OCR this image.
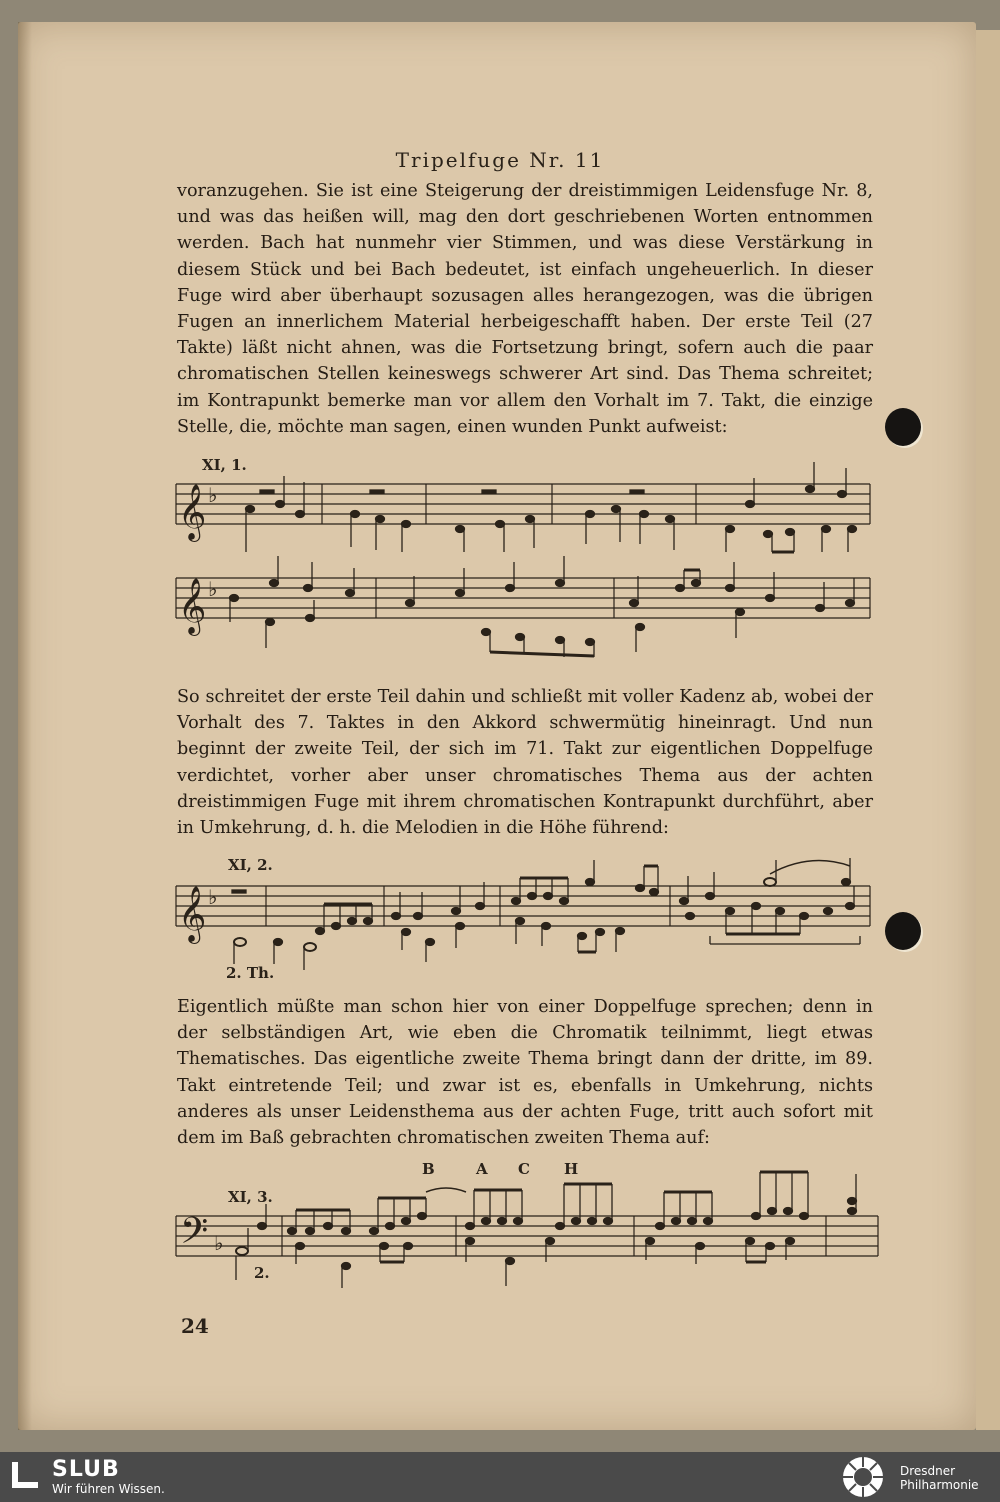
Tripelfuge Nr. 11

voranzugehen. Sie ist eine Steigerung der dreistimmigen Leidensfuge Nr. 8, und was das heißen will, mag den dort geschriebenen Worten entnommen werden. Bach hat nunmehr vier Stimmen, und was diese Verstärkung in diesem Stück und bei Bach bedeutet, ist einfach ungeheuerlich. In dieser Fuge wird aber überhaupt sozusagen alles herangezogen, was die übrigen Fugen an innerlichem Material herbeigeschafft haben. Der erste Teil (27 Takte) läßt nicht ahnen, was die Fortsetzung bringt, sofern auch die paar chromatischen Stellen keineswegs schwerer Art sind. Das Thema schreitet; im Kontrapunkt bemerke man vor allem den Vorhalt im 7. Takt, die einzige Stelle, die, möchte man sagen, einen wunden Punkt aufweist:

XI, 1.
𝄞 ♭
𝄞 ♭

So schreitet der erste Teil dahin und schließt mit voller Kadenz ab, wobei der Vorhalt des 7. Taktes in den Akkord schwermütig hineinragt. Und nun beginnt der zweite Teil, der sich im 71. Takt zur eigentlichen Doppelfuge verdichtet, vorher aber unser chromatisches Thema aus der achten dreistimmigen Fuge mit ihrem chromatischen Kontrapunkt durchführt, aber in Umkehrung, d. h. die Melodien in die Höhe führend:

XI, 2.
2. Th.
𝄞 ♭

Eigentlich müßte man schon hier von einer Doppelfuge sprechen; denn in der selbständigen Art, wie eben die Chromatik teilnimmt, liegt etwas Thematisches. Das eigentliche zweite Thema bringt dann der dritte, im 89. Takt eintretende Teil; und zwar ist es, ebenfalls in Umkehrung, nichts anderes als unser Leidensthema aus der achten Fuge, tritt auch sofort mit dem im Baß gebrachten chromatischen zweiten Thema auf:

B	A C H
XI, 3.
2.
𝄢 ♭
24
SLUB
Wir führen Wissen.
Dresdner
Philharmonie
